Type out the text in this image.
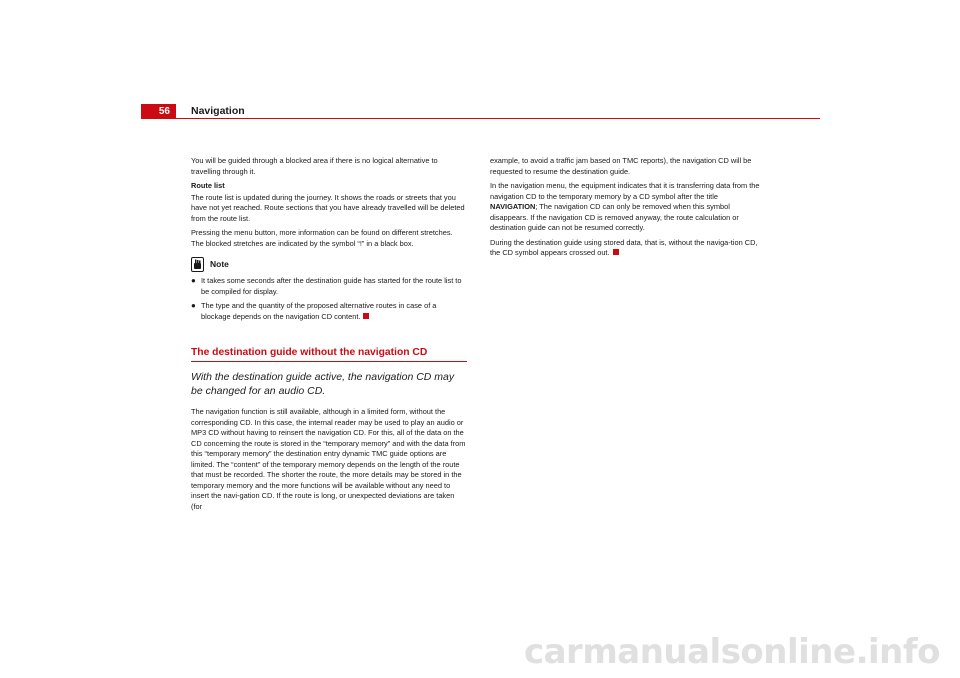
56	Navigation

You will be guided through a blocked area if there is no logical alternative to travelling through it.

Route list

The route list is updated during the journey. It shows the roads or streets that you have not yet reached. Route sections that you have already travelled will be deleted from the route list.

Pressing the menu button, more information can be found on different stretches. The blocked stretches are indicated by the symbol “!” in a black box.

Note
● It takes some seconds after the destination guide has started for the route list to be compiled for display.
● The type and the quantity of the proposed alternative routes in case of a blockage depends on the navigation CD content.
The destination guide without the navigation CD
With the destination guide active, the navigation CD may be changed for an audio CD.

The navigation function is still available, although in a limited form, without the corresponding CD. In this case, the internal reader may be used to play an audio or MP3 CD without having to reinsert the navigation CD. For this, all of the data on the CD concerning the route is stored in the “temporary memory” and with the data from this “temporary memory” the destination entry dynamic TMC guide options are limited. The “content” of the temporary memory depends on the length of the route that must be recorded. The shorter the route, the more details may be stored in the temporary memory and the more functions will be available without any need to insert the navi-gation CD. If the route is long, or unexpected deviations are taken (for

example, to avoid a traffic jam based on TMC reports), the navigation CD will be requested to resume the destination guide.

In the navigation menu, the equipment indicates that it is transferring data from the navigation CD to the temporary memory by a CD symbol after the title NAVIGATION; The navigation CD can only be removed when this symbol disappears. If the navigation CD is removed anyway, the route calculation or destination guide can not be resumed correctly.

During the destination guide using stored data, that is, without the naviga-tion CD, the CD symbol appears crossed out.

carmanualsonline.info
